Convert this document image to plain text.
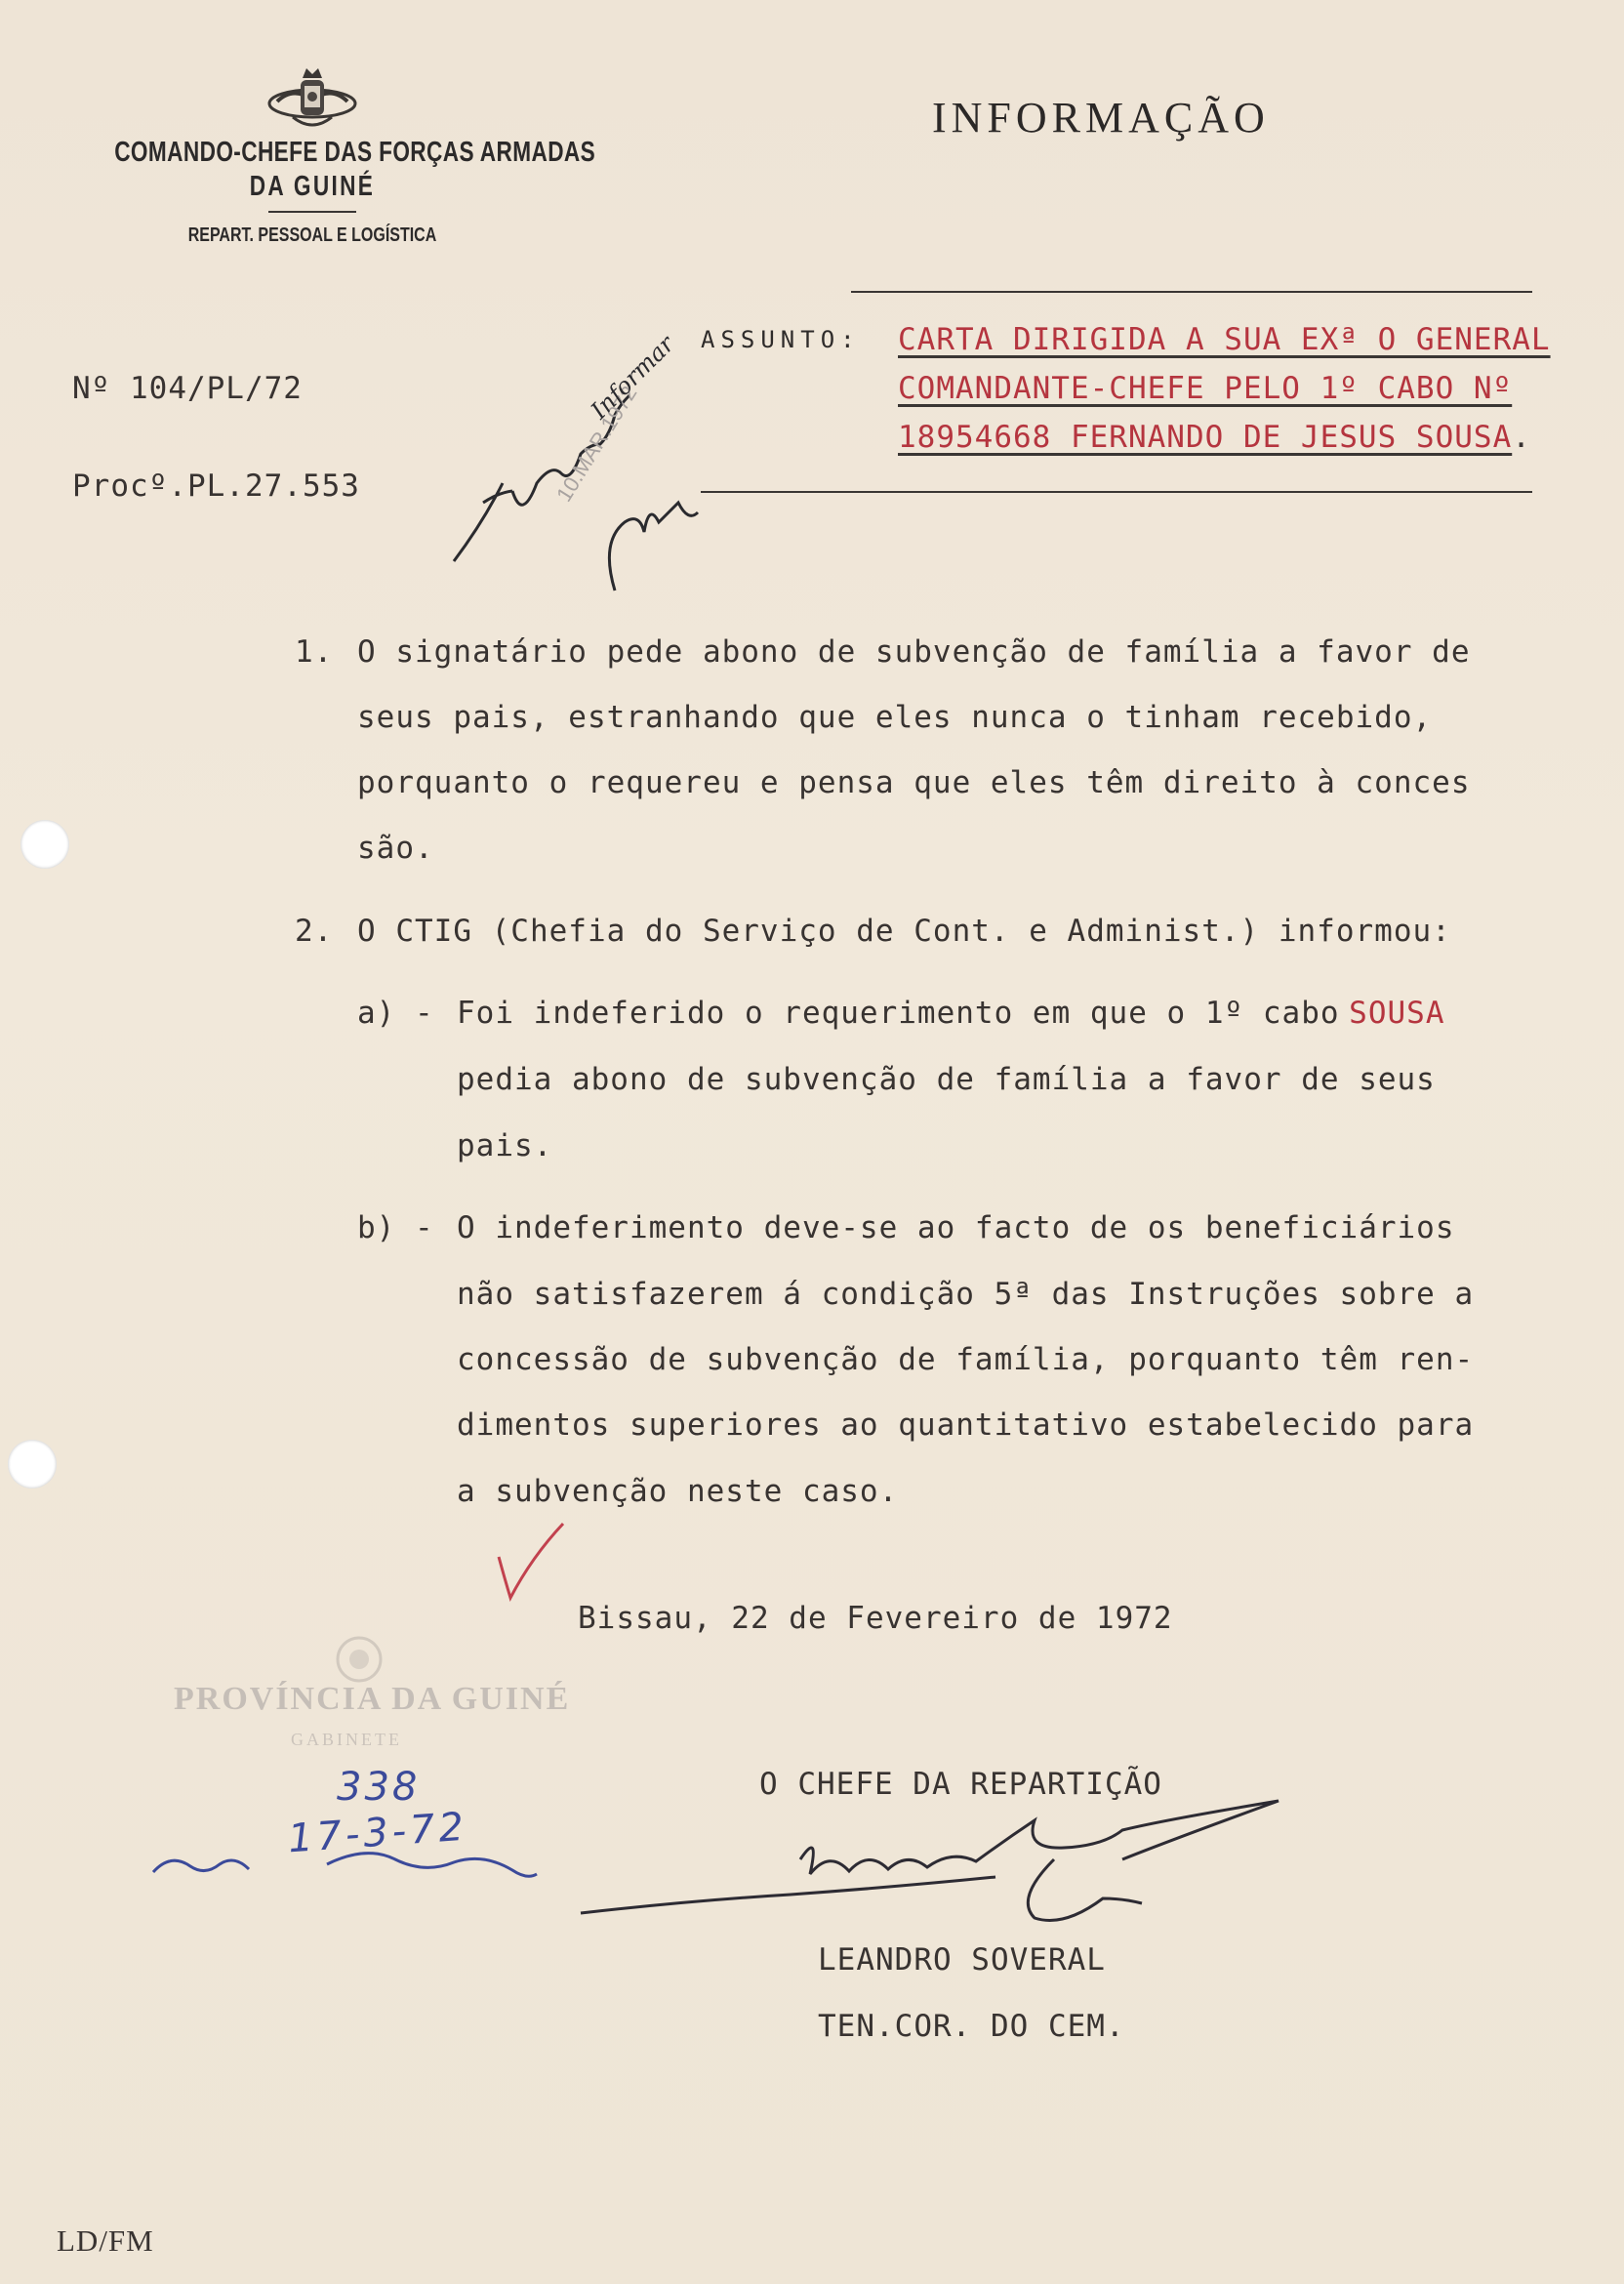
COMANDO-CHEFE DAS FORÇAS ARMADAS
DA GUINÉ
REPART. PESSOAL E LOGÍSTICA
INFORMAÇÃO
Nº 104/PL/72
Procº.PL.27.553
ASSUNTO: CARTA DIRIGIDA A SUA EXª O GENERAL
COMANDANTE-CHEFE PELO 1º CABO Nº
18954668 FERNANDO DE JESUS SOUSA.
10.MAR.1972
Informar
1. O signatário pede abono de subvenção de família a favor de
seus pais, estranhando que eles nunca o tinham recebido,
porquanto o requereu e pensa que eles têm direito à conces
são.
2. O CTIG (Chefia do Serviço de Cont. e Administ.) informou:
a) - Foi indeferido o requerimento em que o 1º cabo SOUSA
pedia abono de subvenção de família a favor de seus
pais.
b) - O indeferimento deve-se ao facto de os beneficiários
não satisfazerem á condição 5ª das Instruções sobre a
concessão de subvenção de família, porquanto têm ren-
dimentos superiores ao quantitativo estabelecido para
a subvenção neste caso.
Bissau, 22 de Fevereiro de 1972
PROVÍNCIA DA GUINÉ
GABINETE
338
17-3-72
O CHEFE DA REPARTIÇÃO
LEANDRO SOVERAL
TEN.COR. DO CEM.
LD/FM
